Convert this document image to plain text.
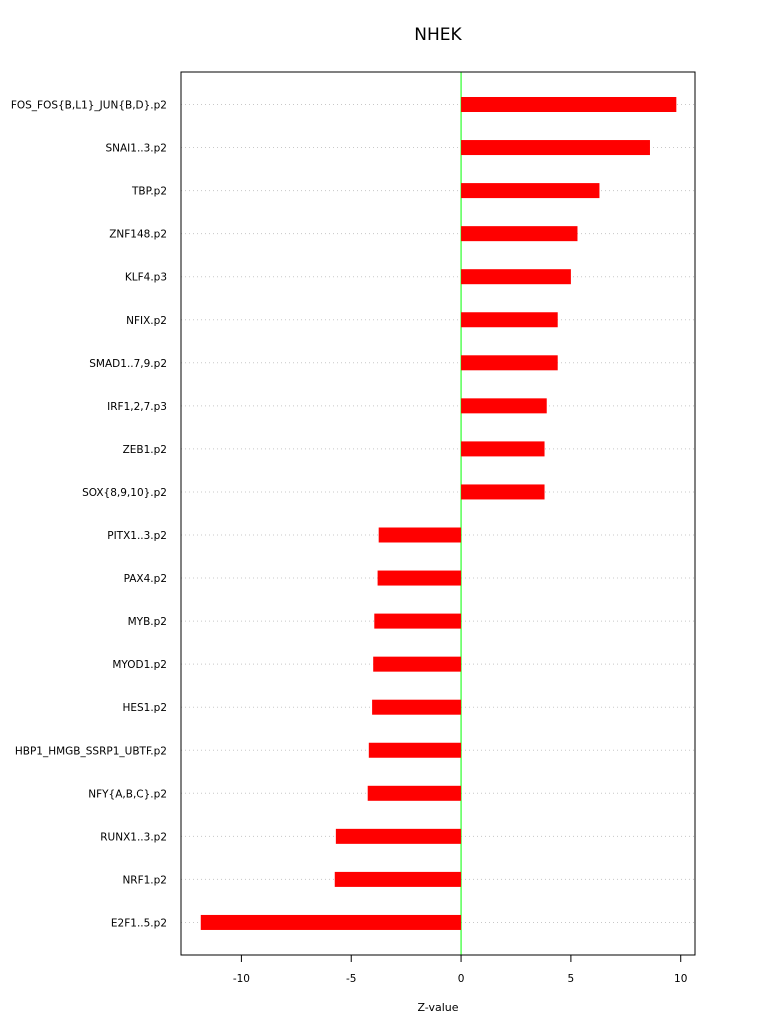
NHEK
-10	-5	0	5	10
FOS_FOS{B,L1}_JUN{B,D}.p2
SNAI1..3.p2
TBP.p2
ZNF148.p2
KLF4.p3
NFIX.p2
SMAD1..7,9.p2
IRF1,2,7.p3
ZEB1.p2
SOX{8,9,10}.p2
PITX1..3.p2
PAX4.p2
MYB.p2
MYOD1.p2
HES1.p2
HBP1_HMGB_SSRP1_UBTF.p2
NFY{A,B,C}.p2
RUNX1..3.p2
NRF1.p2
E2F1..5.p2
Z-value
